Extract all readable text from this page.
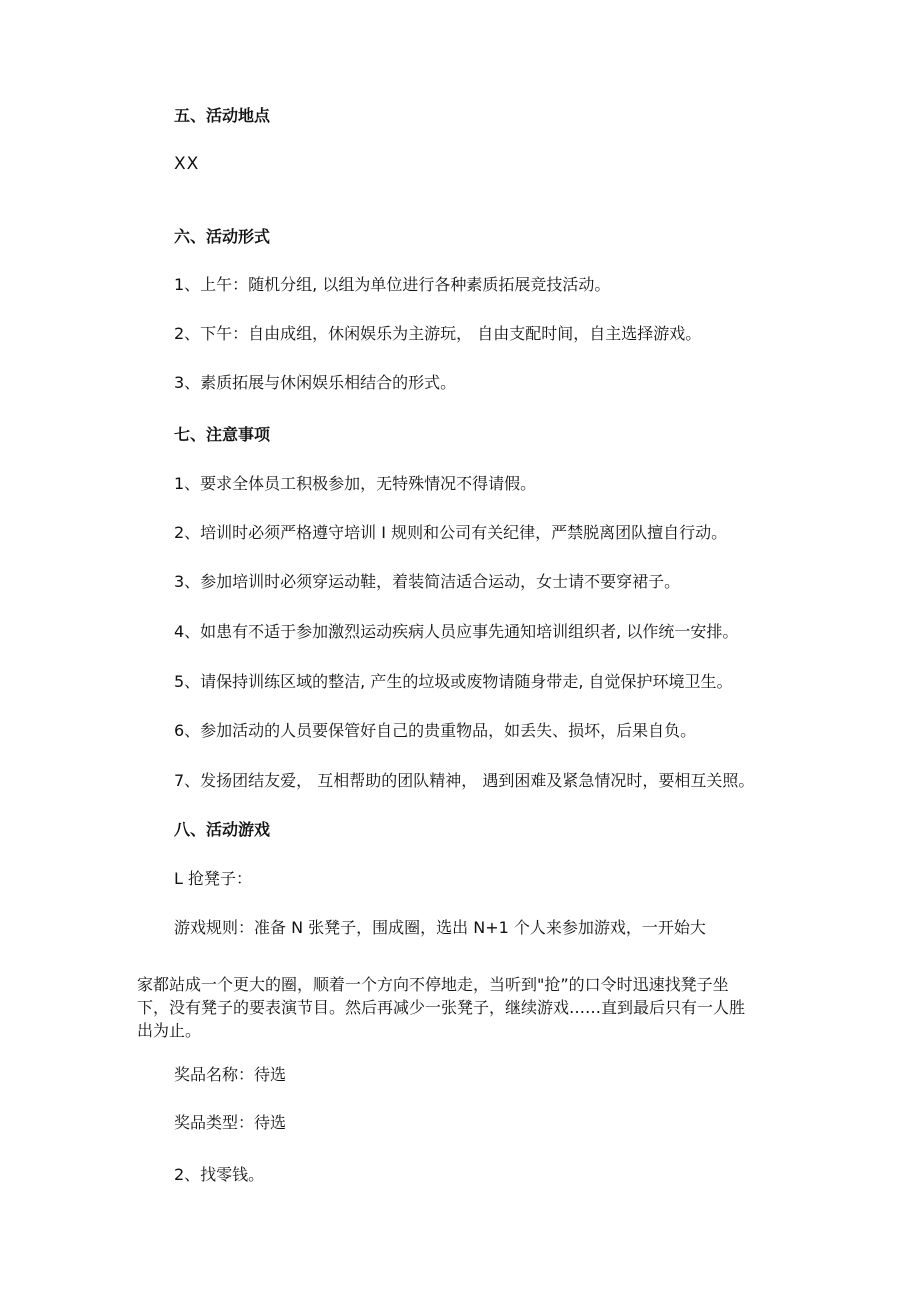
五、活动地点
XX
六、活动形式
1、上午：随机分组, 以组为单位进行各种素质拓展竞技活动。
2、下午：自由成组，休闲娱乐为主游玩， 自由支配时间，自主选择游戏。
3、素质拓展与休闲娱乐相结合的形式。
七、注意事项
1、要求全体员工积极参加，无特殊情况不得请假。
2、培训时必须严格遵守培训 I 规则和公司有关纪律，严禁脱离团队擅自行动。
3、参加培训时必须穿运动鞋，着装简洁适合运动，女士请不要穿裙子。
4、如患有不适于参加激烈运动疾病人员应事先通知培训组织者, 以作统一安排。
5、请保持训练区域的整洁, 产生的垃圾或废物请随身带走, 自觉保护环境卫生。
6、参加活动的人员要保管好自己的贵重物品，如丢失、损坏，后果自负。
7、发扬团结友爱， 互相帮助的团队精神， 遇到困难及紧急情况时，要相互关照。
八、活动游戏
L 抢凳子：
游戏规则：准备 N 张凳子，围成圈，选出 N+1 个人来参加游戏，一开始大
家都站成一个更大的圈，顺着一个方向不停地走，当听到"抢”的口令时迅速找凳子坐
下，没有凳子的要表演节目。然后再减少一张凳子，继续游戏……直到最后只有一人胜
出为止。
奖品名称：待选
奖品类型：待选
2、找零钱。
